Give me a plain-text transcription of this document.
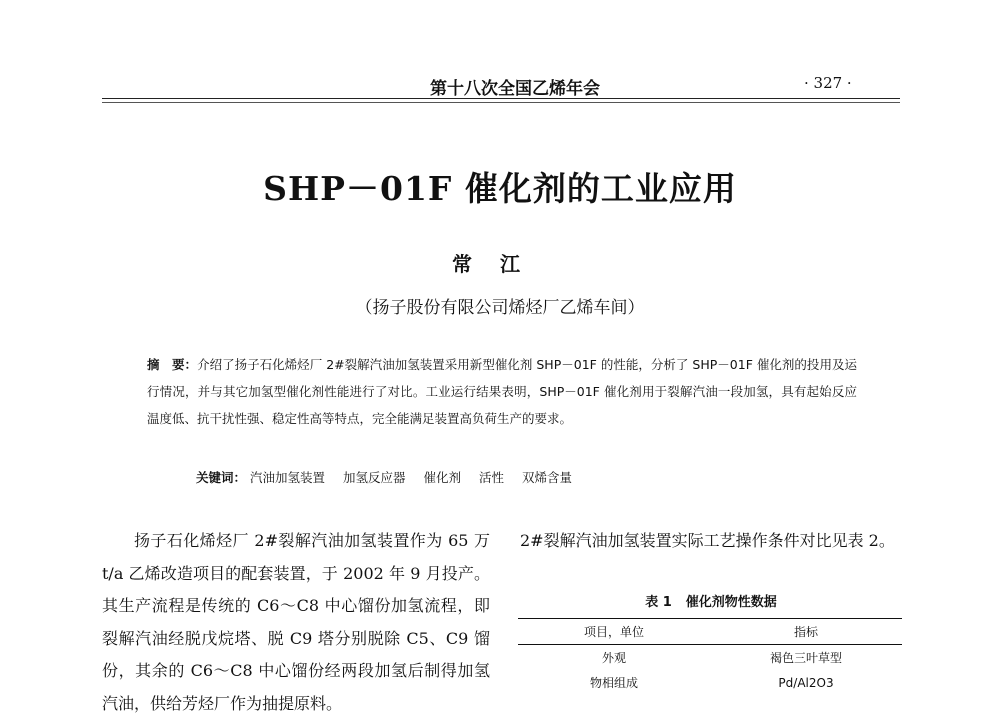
第十八次全国乙烯年会	· 327 ·
SHP－01F 催化剂的工业应用
常江
（扬子股份有限公司烯烃厂乙烯车间）
摘　要：介绍了扬子石化烯烃厂 2#裂解汽油加氢装置采用新型催化剂 SHP－01F 的性能，分析了 SHP－01F 催化剂的投用及运行情况，并与其它加氢型催化剂性能进行了对比。工业运行结果表明，SHP－01F 催化剂用于裂解汽油一段加氢，具有起始反应温度低、抗干扰性强、稳定性高等特点，完全能满足装置高负荷生产的要求。
关键词： 汽油加氢装置 加氢反应器 催化剂 活性 双烯含量
扬子石化烯烃厂 2#裂解汽油加氢装置作为 65 万 t/a 乙烯改造项目的配套装置，于 2002 年 9 月投产。其生产流程是传统的 C6～C8 中心馏份加氢流程，即裂解汽油经脱戊烷塔、脱 C9 塔分别脱除 C5、C9 馏份，其余的 C6～C8 中心馏份经两段加氢后制得加氢汽油，供给芳烃厂作为抽提原料。
2#裂解汽油加氢装置实际工艺操作条件对比见表 2。
表 1 催化剂物性数据
项目，单位	指标
外观	褐色三叶草型
物相组成	Pd/Al2O3
